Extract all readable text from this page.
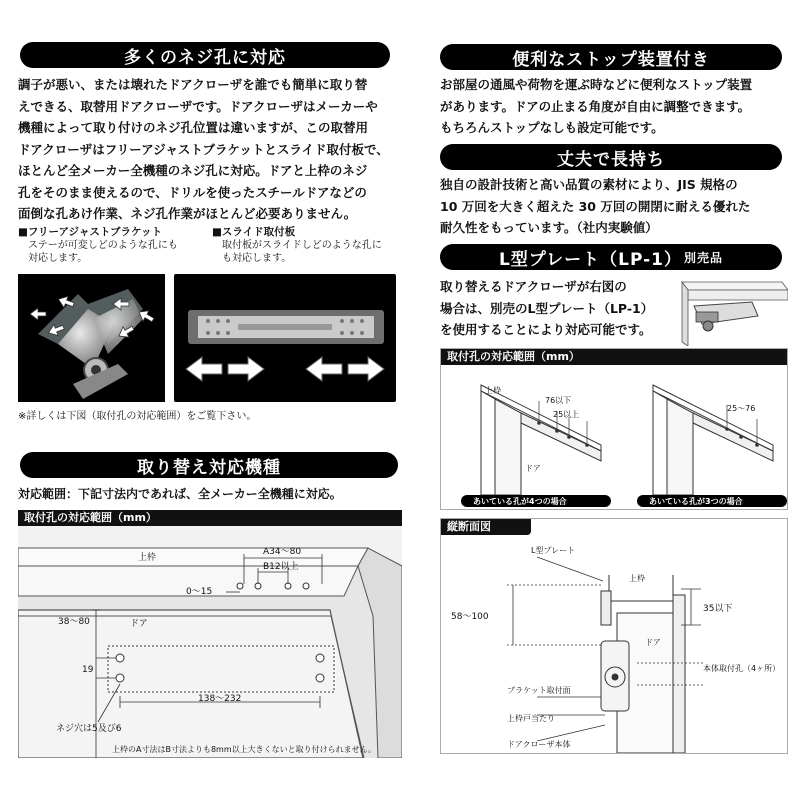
多くのネジ孔に対応
調子が悪い、または壊れたドアクローザを誰でも簡単に取り替
えできる、取替用ドアクローザです。ドアクローザはメーカーや
機種によって取り付けのネジ孔位置は違いますが、この取替用
ドアクローザはフリーアジャストブラケットとスライド取付板で、
ほとんど全メーカー全機種のネジ孔に対応。ドアと上枠のネジ
孔をそのまま使えるので、ドリルを使ったスチールドアなどの
面倒な孔あけ作業、ネジ孔作業がほとんど必要ありません。
■フリーアジャストブラケット
ステーが可変しどのような孔にも
対応します。
■スライド取付板
取付板がスライドしどのような孔に
も対応します。
※詳しくは下図（取付孔の対応範囲）をご覧下さい。
取り替え対応機種
対応範囲：下記寸法内であれば、全メーカー全機種に対応。
取付孔の対応範囲（mm）
A34〜80
B12以上
0〜15
上枠
ドア
38〜80
19
138〜232
ネジ穴は5及び6
上枠のA寸法はB寸法よりも8mm以上大きくないと取り付けられません。
便利なストップ装置付き
お部屋の通風や荷物を運ぶ時などに便利なストップ装置
があります。ドアの止まる角度が自由に調整できます。
もちろんストップなしも設定可能です。
丈夫で長持ち
独自の設計技術と高い品質の素材により、JIS 規格の
10 万回を大きく超えた 30 万回の開閉に耐える優れた
耐久性をもっています。（社内実験値）
L型プレート（LP-1） 別売品
取り替えるドアクローザが右図の
場合は、別売のL型プレート（LP-1）
を使用することにより対応可能です。
取付孔の対応範囲（mm）
76以下
25以上
上枠
ドア
あいている孔が4つの場合
25〜76
あいている孔が3つの場合
縦断面図
L型プレート
上枠
ドア
58〜100
35以下
本体取付孔（4ヶ所）
ブラケット取付面
上枠戸当たり
ドアクローザ本体
